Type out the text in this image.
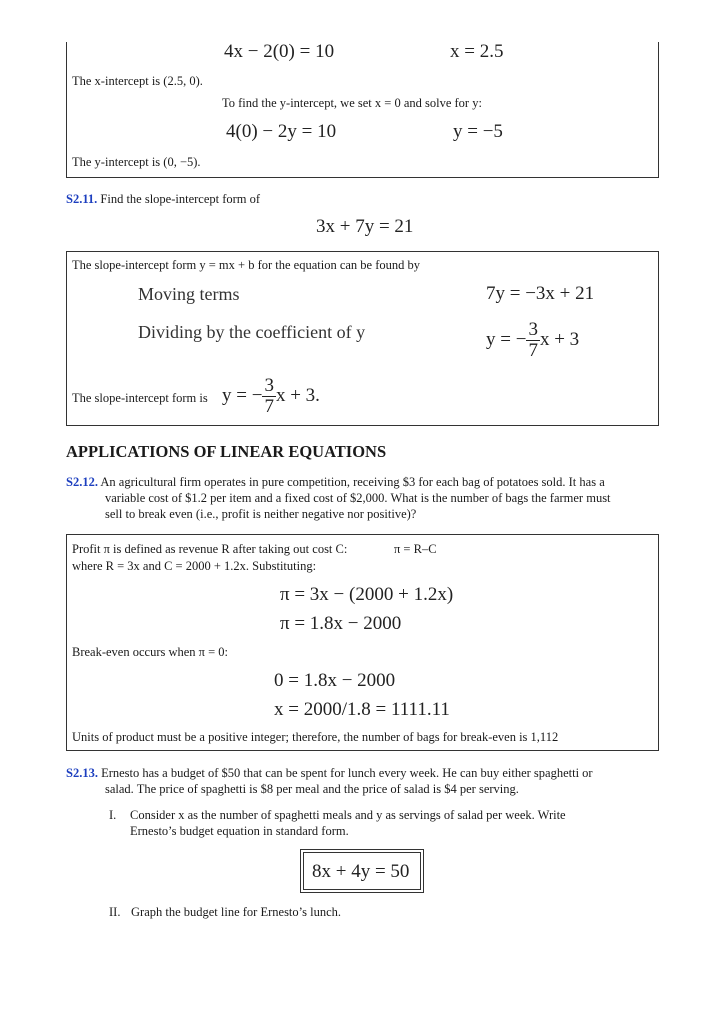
4x − 2(0) = 10	x = 2.5
The x-intercept is (2.5, 0).
To find the y-intercept, we set x = 0 and solve for y:
4(0) − 2y = 10	y = −5
The y-intercept is (0, −5).
S2.11. Find the slope-intercept form of
3x + 7y = 21
The slope-intercept form y = mx + b for the equation can be found by
Moving terms	7y = −3x + 21
Dividing by the coefficient of y	y = − $\frac{3}{7}$ x + 3
The slope-intercept form is y = − $\frac{3}{7}$ x + 3.
APPLICATIONS OF LINEAR EQUATIONS
S2.12. An agricultural firm operates in pure competition, receiving $3 for each bag of potatoes sold. It has a
variable cost of $1.2 per item and a fixed cost of $2,000. What is the number of bags the farmer must
sell to break even (i.e., profit is neither negative nor positive)?
Profit π is defined as revenue R after taking out cost C:	π = R–C
where R = 3x and C = 2000 + 1.2x. Substituting:
π = 3x − (2000 + 1.2x)
π = 1.8x − 2000
Break-even occurs when π = 0:
0 = 1.8x − 2000
x = 2000/1.8 = 1111.11
Units of product must be a positive integer; therefore, the number of bags for break-even is 1,112
S2.13. Ernesto has a budget of $50 that can be spent for lunch every week. He can buy either spaghetti or
salad. The price of spaghetti is $8 per meal and the price of salad is $4 per serving.
I. Consider x as the number of spaghetti meals and y as servings of salad per week. Write
Ernesto’s budget equation in standard form.
8x + 4y = 50
II. Graph the budget line for Ernesto’s lunch.
